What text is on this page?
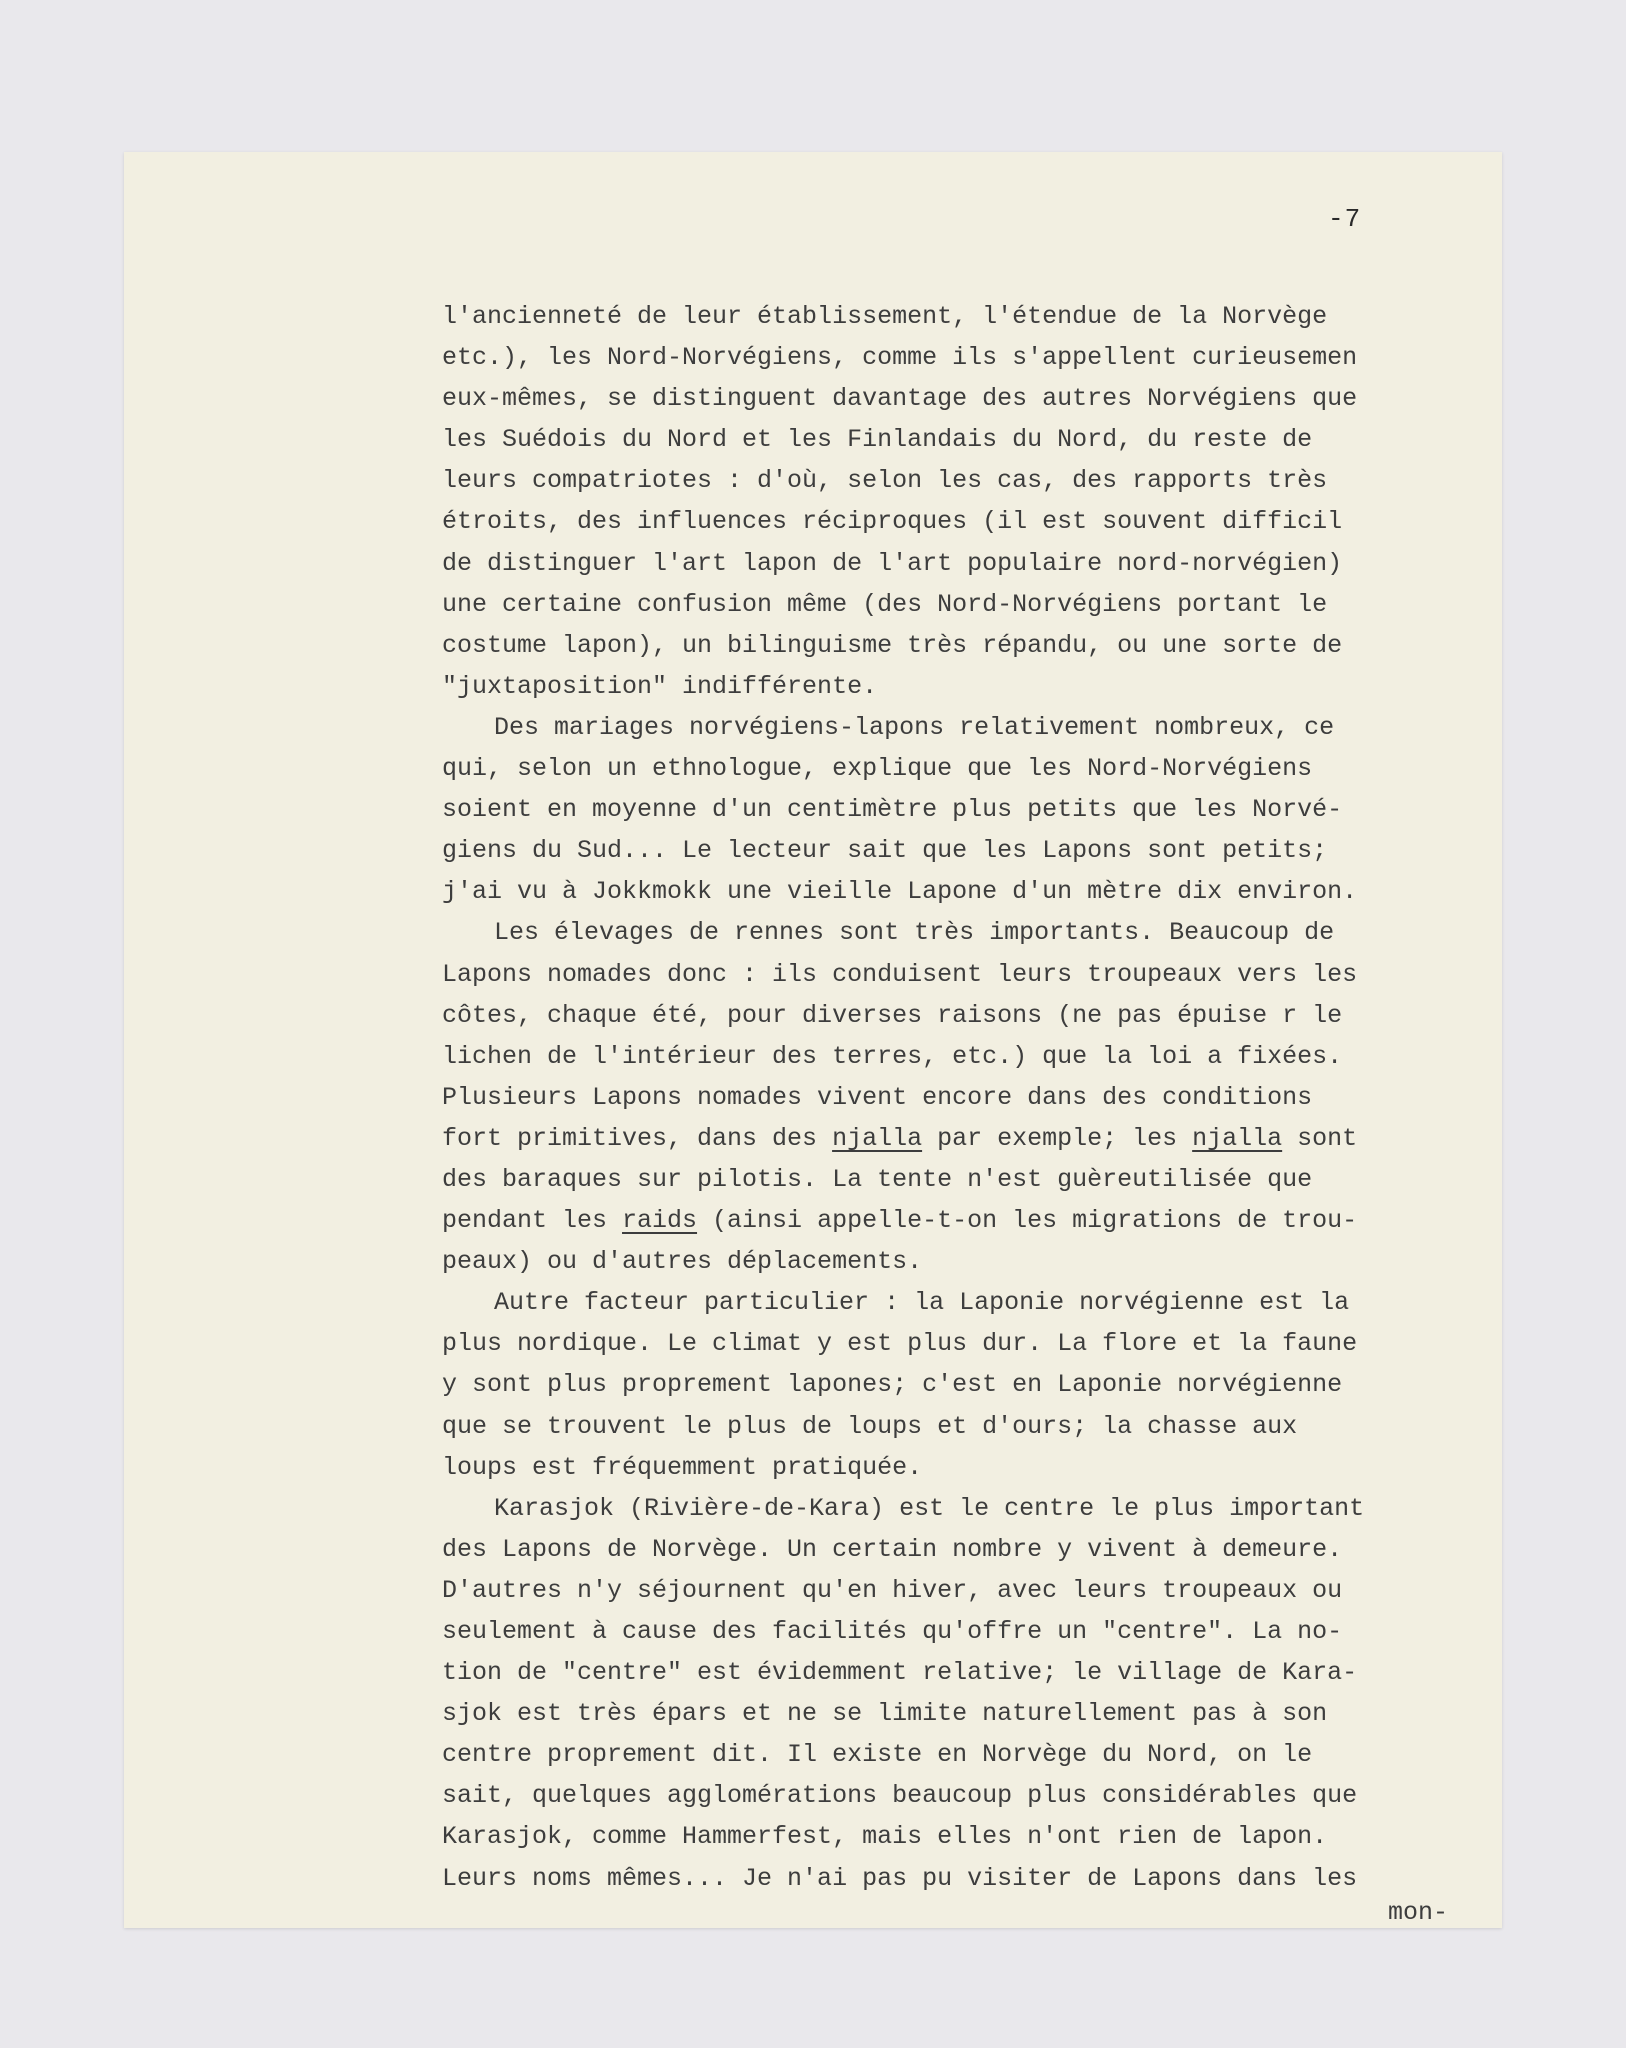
-7
l'ancienneté de leur établissement, l'étendue de la Norvège
etc.), les Nord-Norvégiens, comme ils s'appellent curieusemen
eux-mêmes, se distinguent davantage des autres Norvégiens que
les Suédois du Nord et les Finlandais du Nord, du reste de
leurs compatriotes : d'où, selon les cas, des rapports très
étroits, des influences réciproques (il est souvent difficil
de distinguer l'art lapon de l'art populaire nord-norvégien)
une certaine confusion même (des Nord-Norvégiens portant le
costume lapon), un bilinguisme très répandu, ou une sorte de
"juxtaposition" indifférente.
Des mariages norvégiens-lapons relativement nombreux, ce
qui, selon un ethnologue, explique que les Nord-Norvégiens
soient en moyenne d'un centimètre plus petits que les Norvé-
giens du Sud... Le lecteur sait que les Lapons sont petits;
j'ai vu à Jokkmokk une vieille Lapone d'un mètre dix environ.
Les élevages de rennes sont très importants. Beaucoup de
Lapons nomades donc : ils conduisent leurs troupeaux vers les
côtes, chaque été, pour diverses raisons (ne pas épuise r le
lichen de l'intérieur des terres, etc.) que la loi a fixées.
Plusieurs Lapons nomades vivent encore dans des conditions
fort primitives, dans des njalla par exemple; les njalla sont
des baraques sur pilotis. La tente n'est guèreutilisée que
pendant les raids (ainsi appelle-t-on les migrations de trou-
peaux) ou d'autres déplacements.
Autre facteur particulier : la Laponie norvégienne est la
plus nordique. Le climat y est plus dur. La flore et la faune
y sont plus proprement lapones; c'est en Laponie norvégienne
que se trouvent le plus de loups et d'ours; la chasse aux
loups est fréquemment pratiquée.
Karasjok (Rivière-de-Kara) est le centre le plus important
des Lapons de Norvège. Un certain nombre y vivent à demeure.
D'autres n'y séjournent qu'en hiver, avec leurs troupeaux ou
seulement à cause des facilités qu'offre un "centre". La no-
tion de "centre" est évidemment relative; le village de Kara-
sjok est très épars et ne se limite naturellement pas à son
centre proprement dit. Il existe en Norvège du Nord, on le
sait, quelques agglomérations beaucoup plus considérables que
Karasjok, comme Hammerfest, mais elles n'ont rien de lapon.
Leurs noms mêmes... Je n'ai pas pu visiter de Lapons dans les
mon-
